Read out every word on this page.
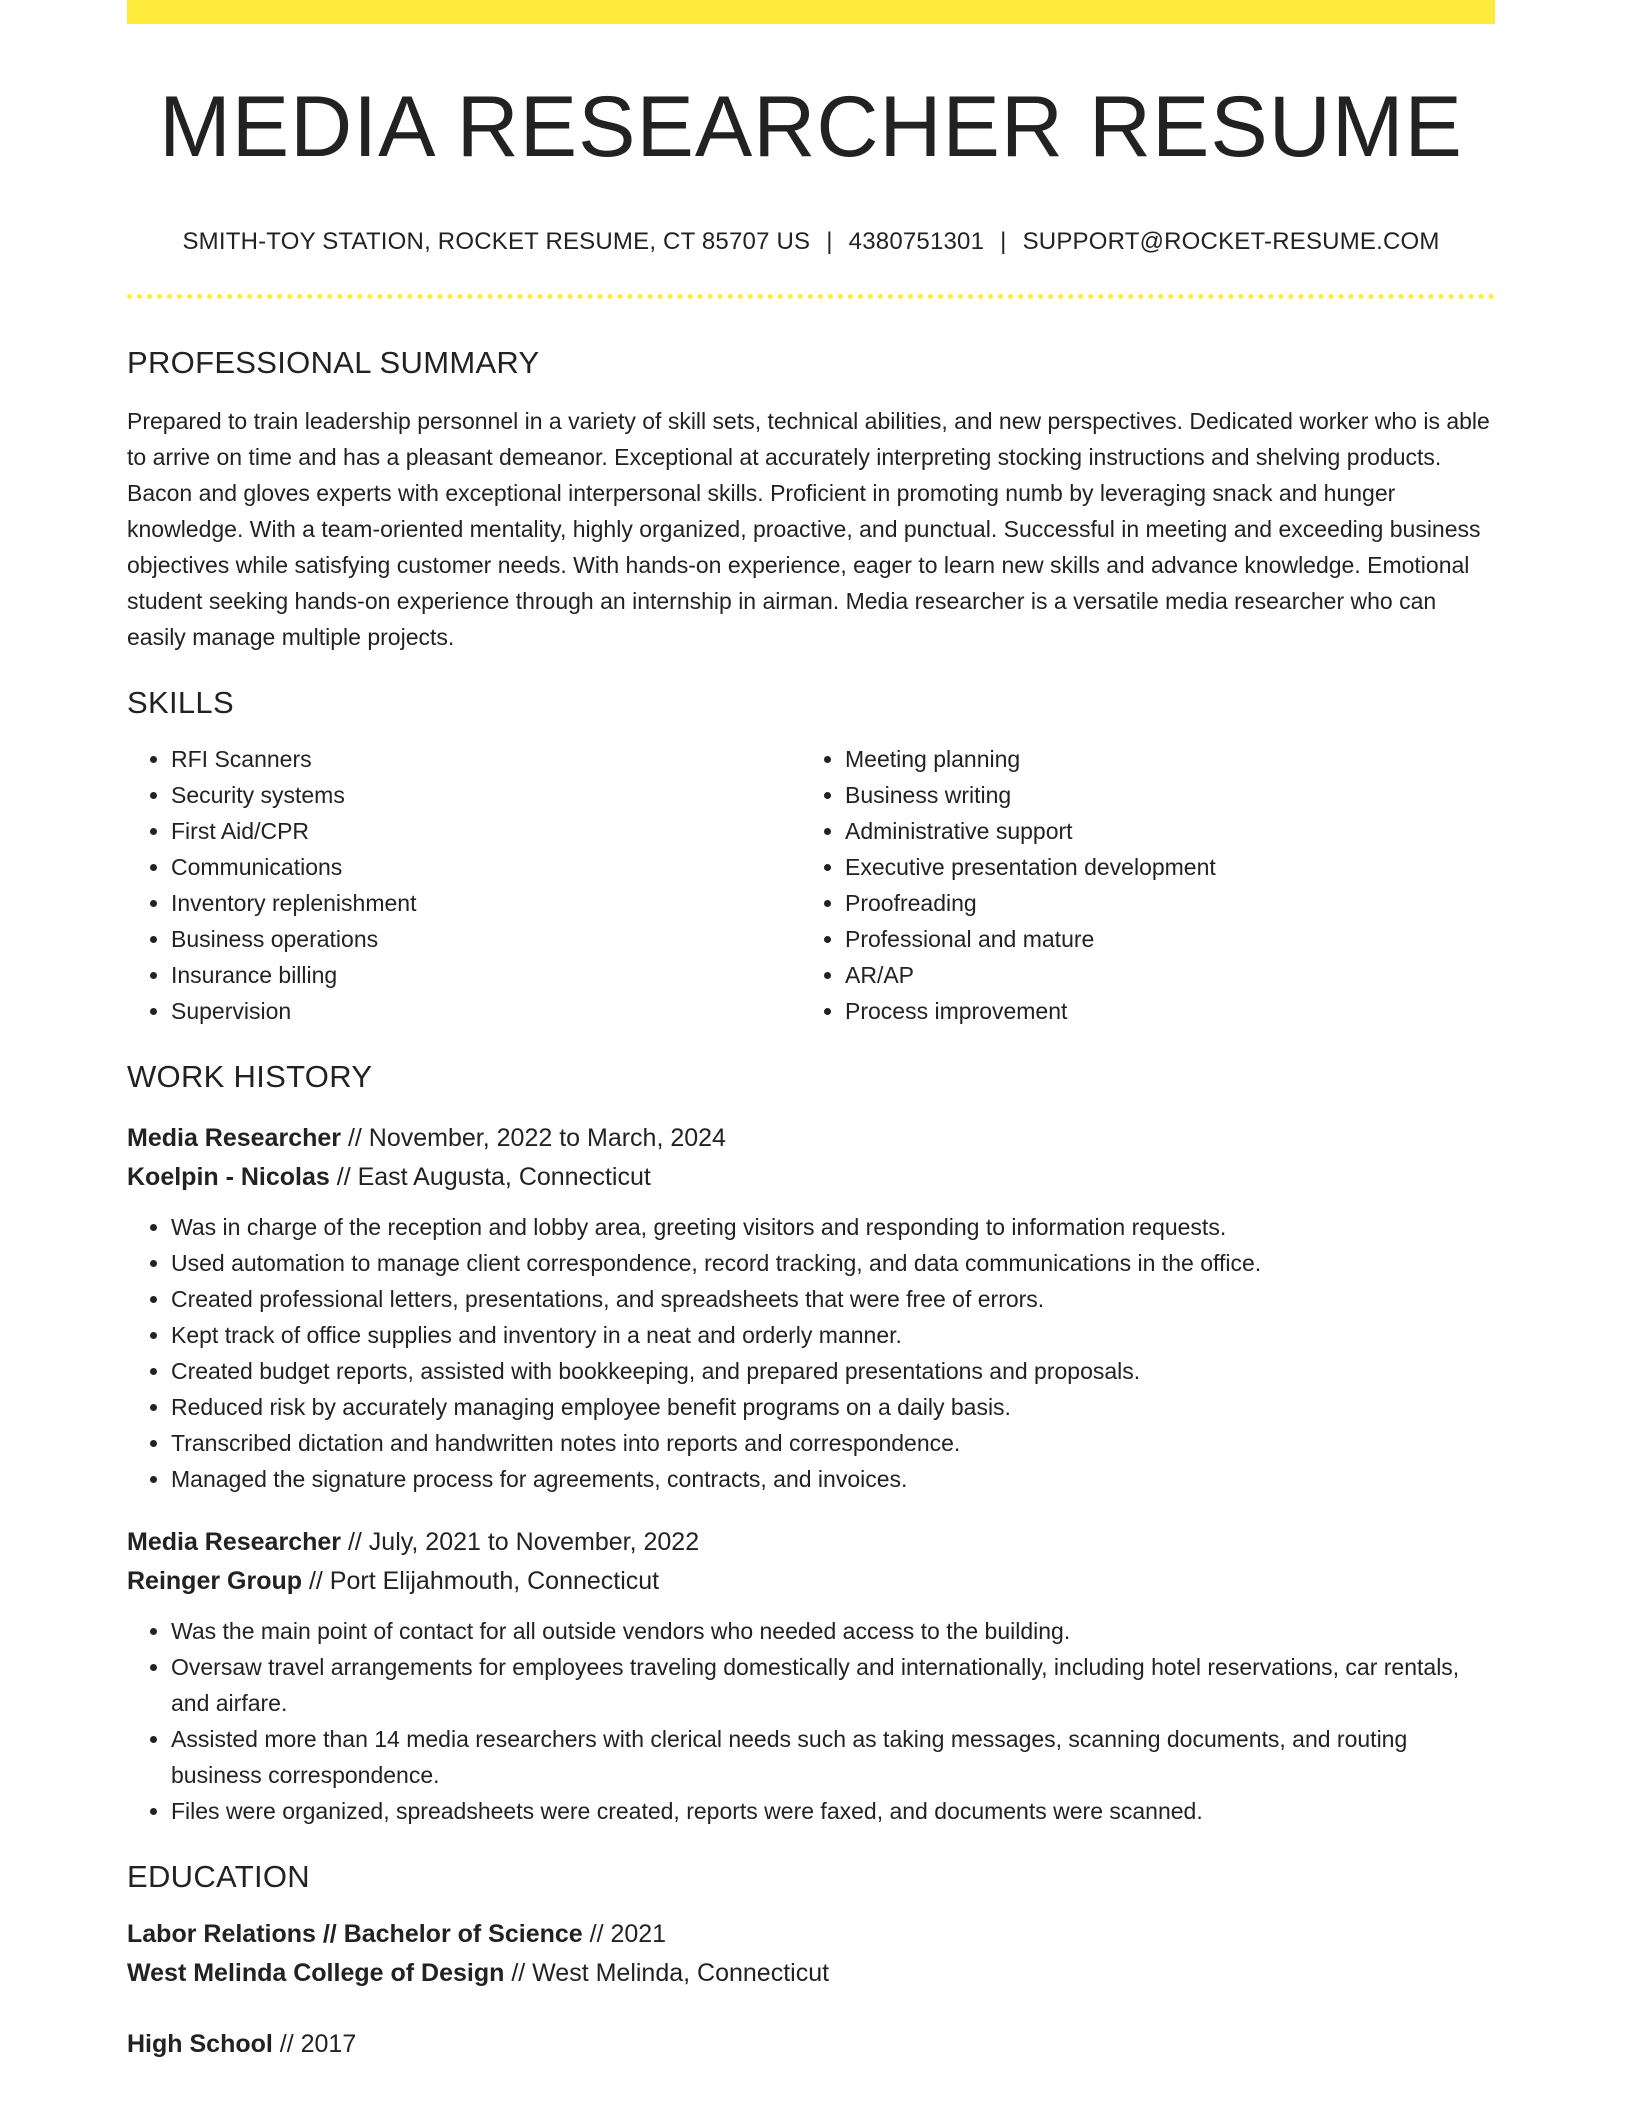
MEDIA RESEARCHER RESUME
SMITH-TOY STATION, ROCKET RESUME, CT 85707 US | 4380751301 | SUPPORT@ROCKET-RESUME.COM
PROFESSIONAL SUMMARY

Prepared to train leadership personnel in a variety of skill sets, technical abilities, and new perspectives. Dedicated worker who is able to arrive on time and has a pleasant demeanor. Exceptional at accurately interpreting stocking instructions and shelving products. Bacon and gloves experts with exceptional interpersonal skills. Proficient in promoting numb by leveraging snack and hunger knowledge. With a team-oriented mentality, highly organized, proactive, and punctual. Successful in meeting and exceeding business objectives while satisfying customer needs. With hands-on experience, eager to learn new skills and advance knowledge. Emotional student seeking hands-on experience through an internship in airman. Media researcher is a versatile media researcher who can easily manage multiple projects.

SKILLS
• RFI Scanners
• Security systems
• First Aid/CPR
• Communications
• Inventory replenishment
• Business operations
• Insurance billing
• Supervision
• Meeting planning
• Business writing
• Administrative support
• Executive presentation development
• Proofreading
• Professional and mature
• AR/AP
• Process improvement
WORK HISTORY
Media Researcher // November, 2022 to March, 2024
Koelpin - Nicolas // East Augusta, Connecticut
• Was in charge of the reception and lobby area, greeting visitors and responding to information requests.
• Used automation to manage client correspondence, record tracking, and data communications in the office.
• Created professional letters, presentations, and spreadsheets that were free of errors.
• Kept track of office supplies and inventory in a neat and orderly manner.
• Created budget reports, assisted with bookkeeping, and prepared presentations and proposals.
• Reduced risk by accurately managing employee benefit programs on a daily basis.
• Transcribed dictation and handwritten notes into reports and correspondence.
• Managed the signature process for agreements, contracts, and invoices.
Media Researcher // July, 2021 to November, 2022
Reinger Group // Port Elijahmouth, Connecticut
• Was the main point of contact for all outside vendors who needed access to the building.
• Oversaw travel arrangements for employees traveling domestically and internationally, including hotel reservations, car rentals, and airfare.
• Assisted more than 14 media researchers with clerical needs such as taking messages, scanning documents, and routing business correspondence.
• Files were organized, spreadsheets were created, reports were faxed, and documents were scanned.
EDUCATION
Labor Relations // Bachelor of Science // 2021
West Melinda College of Design // West Melinda, Connecticut
High School // 2017
